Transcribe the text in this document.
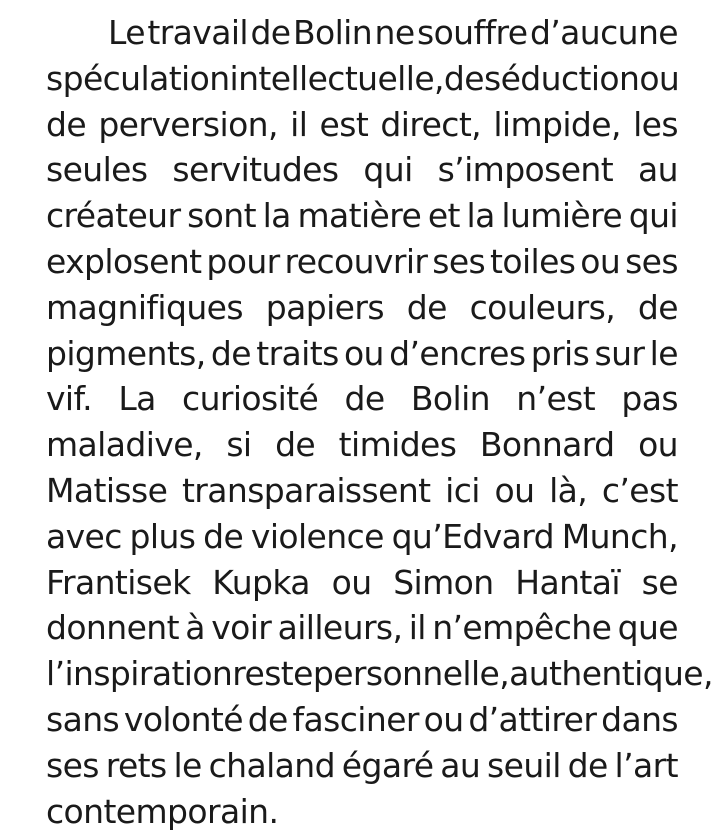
Le travail de Bolin ne souffre d’aucune
spéculation intellectuelle, de séduction ou
de perversion, il est direct, limpide, les
seules servitudes qui s’imposent au
créateur sont la matière et la lumière qui
explosent pour recouvrir ses toiles ou ses
magnifiques papiers de couleurs, de
pigments, de traits ou d’encres pris sur le
vif. La curiosité de Bolin n’est pas
maladive, si de timides Bonnard ou
Matisse transparaissent ici ou là, c’est
avec plus de violence qu’Edvard Munch,
Frantisek Kupka ou Simon Hantaï se
donnent à voir ailleurs, il n’empêche que
l’inspiration reste personnelle, authentique,
sans volonté de fasciner ou d’attirer dans
ses rets le chaland égaré au seuil de l’art
contemporain.
